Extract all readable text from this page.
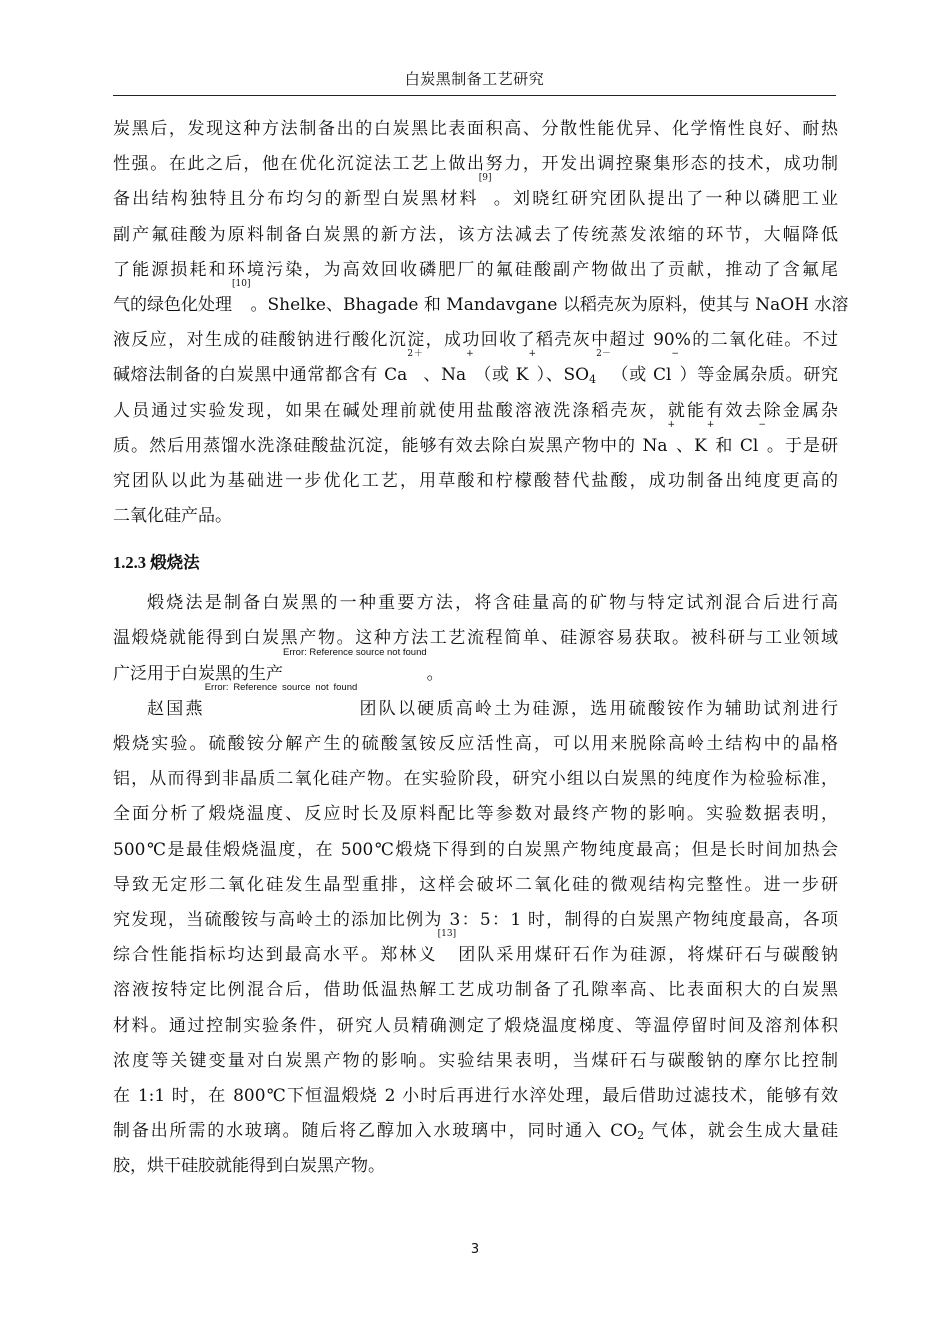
白炭黑制备工艺研究
炭黑后，发现这种方法制备出的白炭黑比表面积高、分散性能优异、化学惰性良好、耐热
性强。在此之后，他在优化沉淀法工艺上做出努力，开发出调控聚集形态的技术，成功制
备出结构独特且分布均匀的新型白炭黑材料[9]。刘晓红研究团队提出了一种以磷肥工业
副产氟硅酸为原料制备白炭黑的新方法，该方法减去了传统蒸发浓缩的环节，大幅降低
了能源损耗和环境污染，为高效回收磷肥厂的氟硅酸副产物做出了贡献，推动了含氟尾
气的绿色化处理[10]。Shelke、Bhagade 和 Mandavgane 以稻壳灰为原料，使其与 NaOH 水溶
液反应，对生成的硅酸钠进行酸化沉淀，成功回收了稻壳灰中超过 90%的二氧化硅。不过
碱熔法制备的白炭黑中通常都含有 $Ca^{2+}$、Na+（或 K+）、$SO_4^{2-}$（或 Cl−）等金属杂质。研究
人员通过实验发现，如果在碱处理前就使用盐酸溶液洗涤稻壳灰，就能有效去除金属杂
质。然后用蒸馏水洗涤硅酸盐沉淀，能够有效去除白炭黑产物中的 Na+、K+和 Cl−。于是研
究团队以此为基础进一步优化工艺，用草酸和柠檬酸替代盐酸，成功制备出纯度更高的
二氧化硅产品。
1.2.3 煅烧法
煅烧法是制备白炭黑的一种重要方法，将含硅量高的矿物与特定试剂混合后进行高
温煅烧就能得到白炭黑产物。这种方法工艺流程简单、硅源容易获取。被科研与工业领域
广泛用于白炭黑的生产$^{Error: Reference source not found}$。
赵国燕$^{Error: Reference source not found}$团队以硬质高岭土为硅源，选用硫酸铵作为辅助试剂进行
煅烧实验。硫酸铵分解产生的硫酸氢铵反应活性高，可以用来脱除高岭土结构中的晶格
铝，从而得到非晶质二氧化硅产物。在实验阶段，研究小组以白炭黑的纯度作为检验标准，
全面分析了煅烧温度、反应时长及原料配比等参数对最终产物的影响。实验数据表明，
500℃是最佳煅烧温度，在 500℃煅烧下得到的白炭黑产物纯度最高；但是长时间加热会
导致无定形二氧化硅发生晶型重排，这样会破坏二氧化硅的微观结构完整性。进一步研
究发现，当硫酸铵与高岭土的添加比例为 3：5：1 时，制得的白炭黑产物纯度最高，各项
综合性能指标均达到最高水平。郑林义[13]团队采用煤矸石作为硅源，将煤矸石与碳酸钠
溶液按特定比例混合后，借助低温热解工艺成功制备了孔隙率高、比表面积大的白炭黑
材料。通过控制实验条件，研究人员精确测定了煅烧温度梯度、等温停留时间及溶剂体积
浓度等关键变量对白炭黑产物的影响。实验结果表明，当煤矸石与碳酸钠的摩尔比控制
在 1:1 时，在 800℃下恒温煅烧 2 小时后再进行水淬处理，最后借助过滤技术，能够有效
制备出所需的水玻璃。随后将乙醇加入水玻璃中，同时通入 $CO_2$ 气体，就会生成大量硅
胶，烘干硅胶就能得到白炭黑产物。
3
